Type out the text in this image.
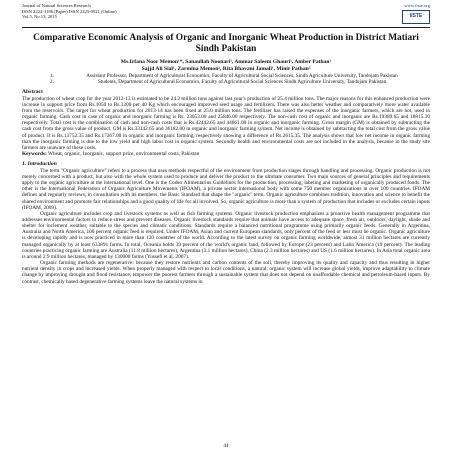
Journal of Natural Sciences Research
ISSN 2224-3186 (Paper) ISSN 2225-0921 (Online)
Vol.5, No.13, 2015
www.iiste.org
IISTE
Comparative Economic Analysis of Organic and Inorganic Wheat Production in District Matiari Sindh Pakistan
Ms.Irfana Noor Memon¹*, Sanaullah Noonari¹, Ammar Saleem Ghauri¹, Amber Pathan¹
Sajjd Ali Sial¹, Zarmina Memon², Rita Bhavani Jamali¹, Minir Pathan²
1.	Assistant Professor, Department of Agricultural Economics, Faculty of Agricultural Social Sciences, Sindh Agriculture University, Tandojam Pakistan
2.	Students, Department of Agricultural Economics, Faculty of Agricultural Social Sciences Sindh Agriculture University, Tandojam Pakistan
Abstract

The production of wheat crop for the year 2012-13 is estimated to be 24.2 million tons against last year's production of 25.4 million tons. The major reasons for this enhanced production were increase in support price from Rs.1050 to Rs.1200 per 40 Kg which encouraged improved seed usage and fertilizers. There was also better weather and comparatively more water available from the reservoirs. The target for wheat production for 2013-14 has been fixed at 25.0 million tons. The fertilizer has raised the expenses of the inorganic farmers, which are not, used in organic farming. Cash cost in case of organic and inorganic farming is Rs. 23053.00 and 25846.00 respectively. The non-cash cost of organic and inorganic are Rs.19389.65 and 18815.10 respectively. Total cost is the combination of cash and non-cash costs that is Rs.42442.65 and 44661.00 in organic and inorganic farming. Gross margin (GM) is obtained by subtracting the cash cost from the gross value of product. GM is Rs.33142.65 and 36182.00 in organic and inorganic farming system. Net income is obtained by subtracting the total cost from the gross value of product. It is Rs.13752.35 and Rs.17367.00 in organic and inorganic farming, respectively showing a difference of Rs.2615.35. The analysis shows that low net income in organic farming than the inorganic farming is due to the low yield and high labor cost in organic system. Secondly health and environmental costs are not included in the analysis, because in the study site farmers are unaware of these costs.

Keywords: Wheat, organic, Inorganic, support price, environmental costs, Pakistan

1. Introduction

The term "Organic agriculture" refers to a process that uses methods respectful of the environment from production stages through handling and processing. Organic production is not merely concerned with a product, but also with the whole system used to produce and deliver the product to the ultimate consumer. Two main sources of general principles and requirements apply to the organic agriculture at the international level. One is the Codex Alimentarius Guidelines for the production, processing, labeling and marketing of organically produced foods. The other is the International Federation of Organic Agriculture Movements (IFOAM), a private sector international body with some 750 member organizations in over 100 countries. IFOAM defines and regularly reviews, in consultation with its members, the Basic Standard that shape the "organic" term. Organic agriculture combines tradition, innovation and science to benefit the shared environment and promote fair relationships and a good quality of life for all involved. So, organic agriculture is more than a system of production that includes or excludes certain inputs (IFOAM, 2009).

Organic agriculture includes crop and livestock systems as well as fish farming systems. Organic livestock production emphasizes a proactive health management programme that addresses environmental factors to reduce stress and prevent diseases. Organic livestock standards require that animals have access to adequate space, fresh air, outdoors, daylight, shade and shelter for inclement weather, suitable to the species and climatic conditions. Standards require a balanced nutritional programme using primarily organic feeds. Generally in Argentina, Australia and North America, 100 percent organic feed is required. Under IFOAM, Asian and current European standards, only percent of the feed or less must be organic. Organic agriculture is developing rapidly and is now practiced in more than 120 countries of the world. According to the latest survey on organic farming worldwide, almost 31 million hectares are currently managed organically by at least 633891 farms. In total, Oceania holds 39 percent of the world's organic land, followed by Europe (23 percent) and Latin America (19 percent). The leading countries practicing organic farming are Australia (11.8 million hectares), Argentina (3.1 million hectares), China (2.3 million hectares) and US (1.6 million hectares). In Asia total organic area is around 2.9 million hectares, managed by 130000 farms (Yussefi et al. 2007).

Organic farming methods are regenerative: because they restore nutrients and carbon contents of the soil, thereby improving its quality and capacity and thus resulting in higher nutrient density in crops and increased yields. When properly managed with respect to local conditions, a natural, organic system will increase global yields, improve adaptability to climate change by improving drought and flood resistance, empower the poorest farmers through a sustainable system that does not depend on unaffordable chemical and petroleum-based inputs. By contrast, chemically based degenerative farming systems leave the natural systems in

44
